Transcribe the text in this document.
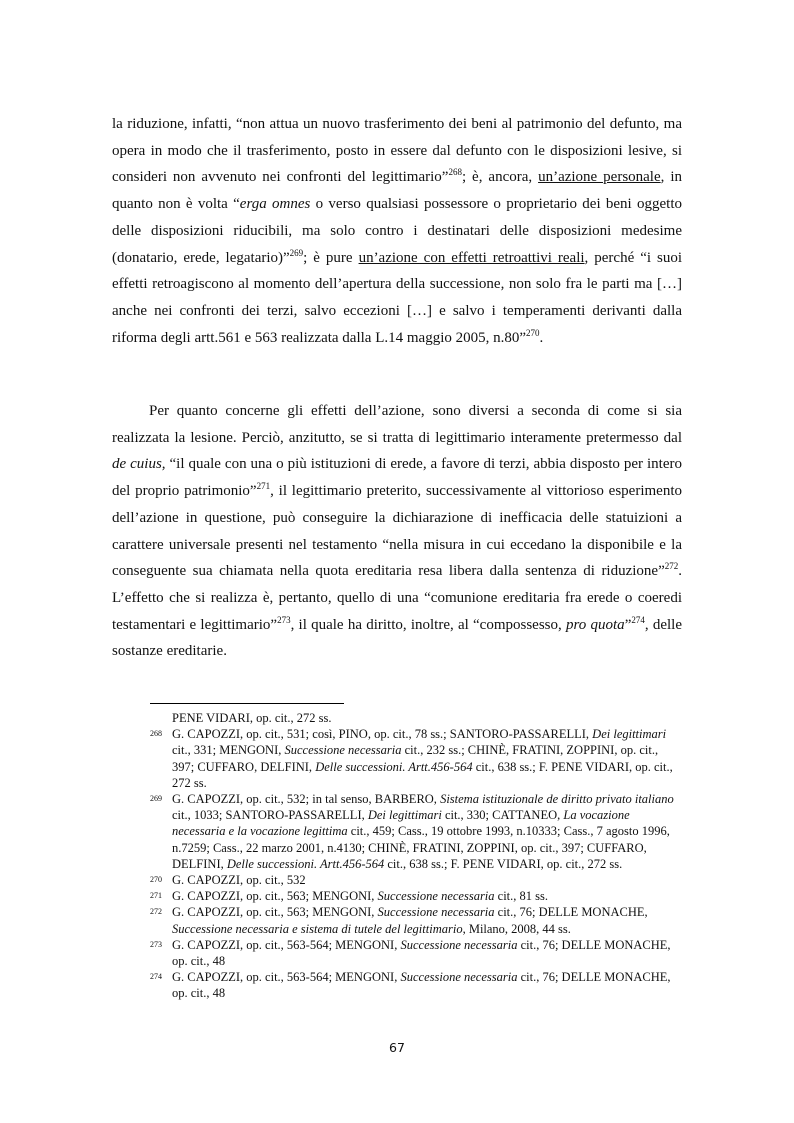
la riduzione, infatti, “non attua un nuovo trasferimento dei beni al patrimonio del defunto, ma opera in modo che il trasferimento, posto in essere dal defunto con le disposizioni lesive, si consideri non avvenuto nei confronti del legittimario”$^{268}$; è, ancora, un’azione personale, in quanto non è volta “erga omnes o verso qualsiasi possessore o proprietario dei beni oggetto delle disposizioni riducibili, ma solo contro i destinatari delle disposizioni medesime (donatario, erede, legatario)”$^{269}$; è pure un’azione con effetti retroattivi reali, perché “i suoi effetti retroagiscono al momento dell’apertura della successione, non solo fra le parti ma […] anche nei confronti dei terzi, salvo eccezioni […] e salvo i temperamenti derivanti dalla riforma degli artt.561 e 563 realizzata dalla L.14 maggio 2005, n.80”$^{270}$.

Per quanto concerne gli effetti dell’azione, sono diversi a seconda di come si sia realizzata la lesione. Perciò, anzitutto, se si tratta di legittimario interamente pretermesso dal de cuius, “il quale con una o più istituzioni di erede, a favore di terzi, abbia disposto per intero del proprio patrimonio”$^{271}$, il legittimario preterito, successivamente al vittorioso esperimento dell’azione in questione, può conseguire la dichiarazione di inefficacia delle statuizioni a carattere universale presenti nel testamento “nella misura in cui eccedano la disponibile e la conseguente sua chiamata nella quota ereditaria resa libera dalla sentenza di riduzione”$^{272}$. L’effetto che si realizza è, pertanto, quello di una “comunione ereditaria fra erede o coeredi testamentari e legittimario”$^{273}$, il quale ha diritto, inoltre, al “compossesso, pro quota”$^{274}$, delle sostanze ereditarie.

PENE VIDARI, op. cit., 272 ss.

268 G. CAPOZZI, op. cit., 531; così, PINO, op. cit., 78 ss.; SANTORO-PASSARELLI, Dei legittimari cit., 331; MENGONI, Successione necessaria cit., 232 ss.; CHINÈ, FRATINI, ZOPPINI, op. cit., 397; CUFFARO, DELFINI, Delle successioni. Artt.456-564 cit., 638 ss.; F. PENE VIDARI, op. cit., 272 ss.

269 G. CAPOZZI, op. cit., 532; in tal senso, BARBERO, Sistema istituzionale de diritto privato italiano cit., 1033; SANTORO-PASSARELLI, Dei legittimari cit., 330; CATTANEO, La vocazione necessaria e la vocazione legittima cit., 459; Cass., 19 ottobre 1993, n.10333; Cass., 7 agosto 1996, n.7259; Cass., 22 marzo 2001, n.4130; CHINÈ, FRATINI, ZOPPINI, op. cit., 397; CUFFARO, DELFINI, Delle successioni. Artt.456-564 cit., 638 ss.; F. PENE VIDARI, op. cit., 272 ss.

270 G. CAPOZZI, op. cit., 532

271 G. CAPOZZI, op. cit., 563; MENGONI, Successione necessaria cit., 81 ss.

272 G. CAPOZZI, op. cit., 563; MENGONI, Successione necessaria cit., 76; DELLE MONACHE, Successione necessaria e sistema di tutele del legittimario, Milano, 2008, 44 ss.

273 G. CAPOZZI, op. cit., 563-564; MENGONI, Successione necessaria cit., 76; DELLE MONACHE, op. cit., 48

274 G. CAPOZZI, op. cit., 563-564; MENGONI, Successione necessaria cit., 76; DELLE MONACHE, op. cit., 48

67
